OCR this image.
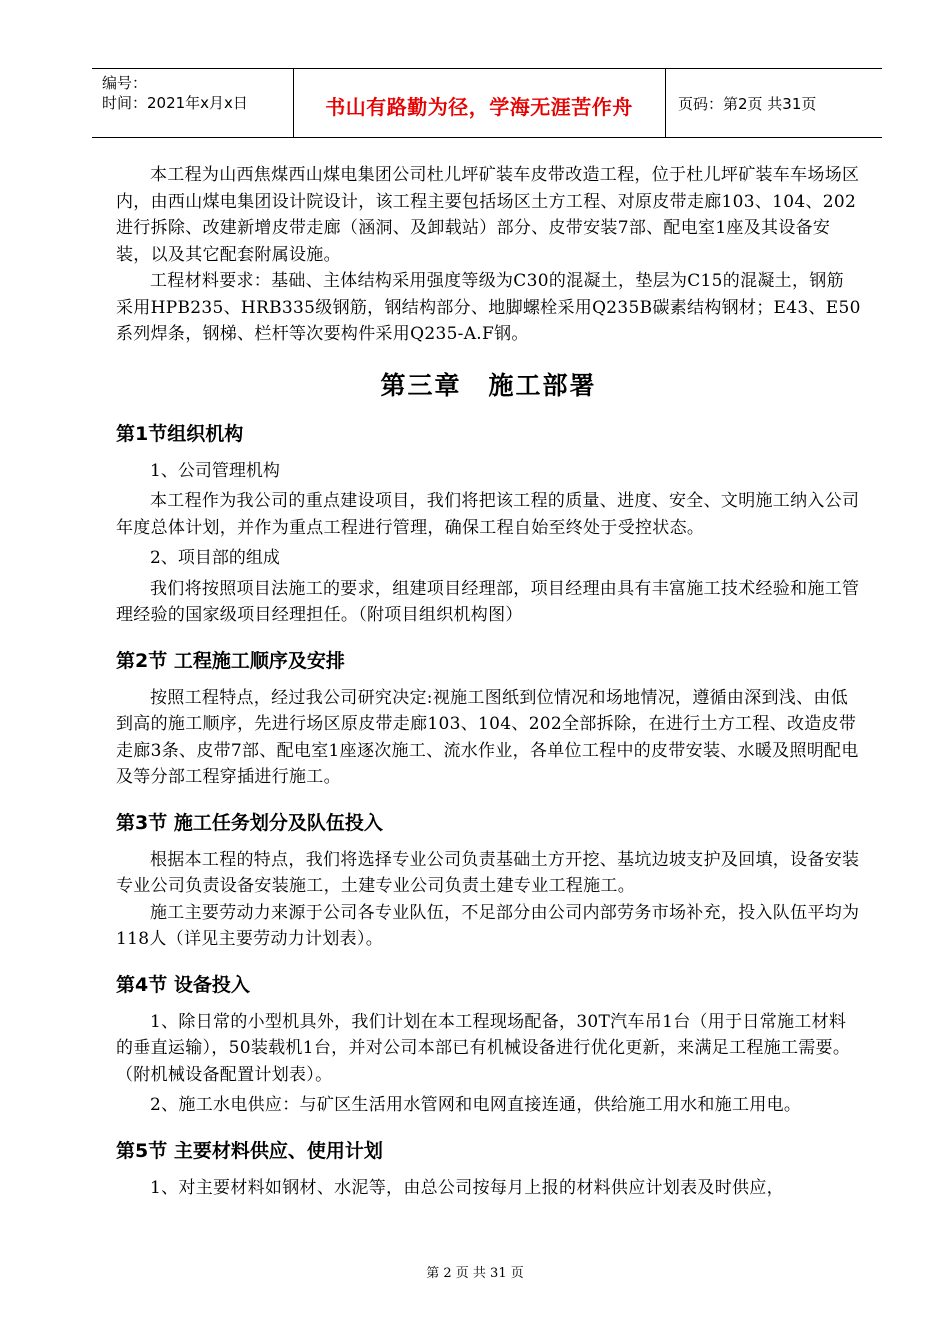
编号：
时间：2021年x月x日	书山有路勤为径，学海无涯苦作舟	页码：第2页 共31页

本工程为山西焦煤西山煤电集团公司杜儿坪矿装车皮带改造工程，位于杜儿坪矿装车车场场区内，由西山煤电集团设计院设计，该工程主要包括场区土方工程、对原皮带走廊103、104、202进行拆除、改建新增皮带走廊（涵洞、及卸载站）部分、皮带安装7部、配电室1座及其设备安装，以及其它配套附属设施。

工程材料要求：基础、主体结构采用强度等级为C30的混凝土，垫层为C15的混凝土，钢筋采用HPB235、HRB335级钢筋，钢结构部分、地脚螺栓采用Q235B碳素结构钢材；E43、E50系列焊条，钢梯、栏杆等次要构件采用Q235-A.F钢。

第三章　施工部署
第1节组织机构

1、公司管理机构

本工程作为我公司的重点建设项目，我们将把该工程的质量、进度、安全、文明施工纳入公司年度总体计划，并作为重点工程进行管理，确保工程自始至终处于受控状态。

2、项目部的组成

我们将按照项目法施工的要求，组建项目经理部，项目经理由具有丰富施工技术经验和施工管理经验的国家级项目经理担任。（附项目组织机构图）

第2节 工程施工顺序及安排

按照工程特点，经过我公司研究决定:视施工图纸到位情况和场地情况，遵循由深到浅、由低到高的施工顺序，先进行场区原皮带走廊103、104、202全部拆除，在进行土方工程、改造皮带走廊3条、皮带7部、配电室1座逐次施工、流水作业，各单位工程中的皮带安装、水暖及照明配电及等分部工程穿插进行施工。

第3节 施工任务划分及队伍投入

根据本工程的特点，我们将选择专业公司负责基础土方开挖、基坑边坡支护及回填，设备安装专业公司负责设备安装施工，土建专业公司负责土建专业工程施工。

施工主要劳动力来源于公司各专业队伍，不足部分由公司内部劳务市场补充，投入队伍平均为118人（详见主要劳动力计划表）。

第4节 设备投入

1、除日常的小型机具外，我们计划在本工程现场配备，30T汽车吊1台（用于日常施工材料的垂直运输），50装载机1台，并对公司本部已有机械设备进行优化更新，来满足工程施工需要。（附机械设备配置计划表）。

2、施工水电供应：与矿区生活用水管网和电网直接连通，供给施工用水和施工用电。

第5节 主要材料供应、使用计划

1、对主要材料如钢材、水泥等，由总公司按每月上报的材料供应计划表及时供应，

第 2 页 共 31 页
